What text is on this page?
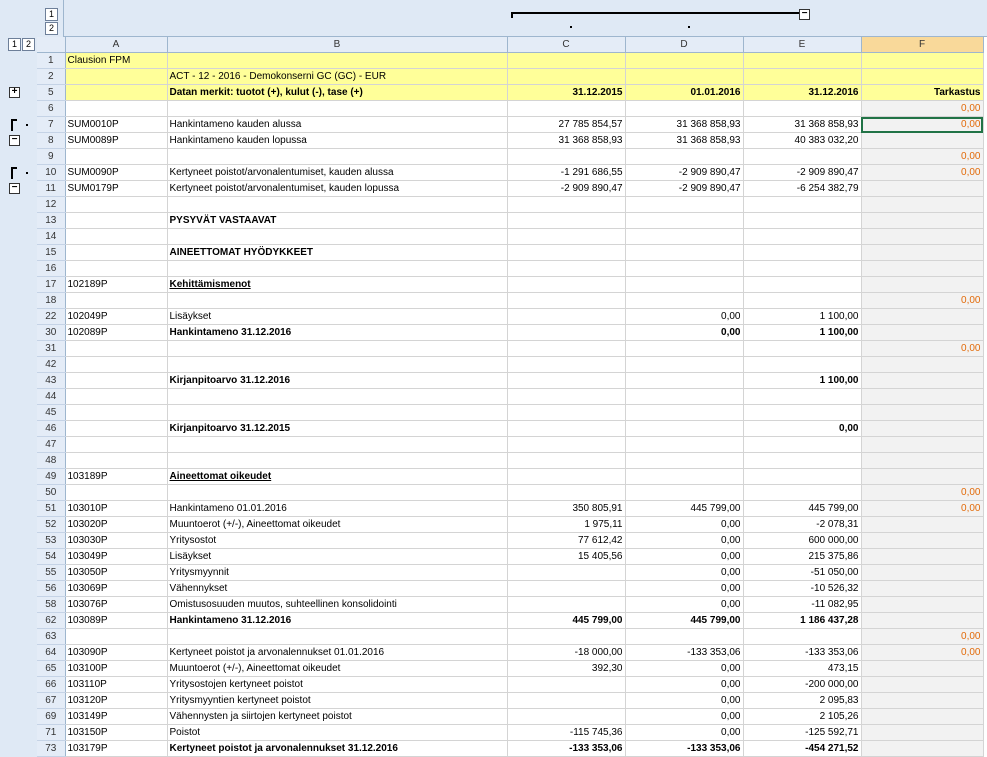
1
2
1 2
−
+
−
−
	A	B	C	D	E	F
1	Clausion FPM					
2		ACT - 12 - 2016 - Demokonserni GC (GC) - EUR				
5		Datan merkit: tuotot (+), kulut (-), tase (+)	31.12.2015	01.01.2016	31.12.2016	Tarkastus
6						0,00
7	SUM0010P	Hankintameno kauden alussa	27 785 854,57	31 368 858,93	31 368 858,93	0,00
8	SUM0089P	Hankintameno kauden lopussa	31 368 858,93	31 368 858,93	40 383 032,20	
9						0,00
10	SUM0090P	Kertyneet poistot/arvonalentumiset, kauden alussa	-1 291 686,55	-2 909 890,47	-2 909 890,47	0,00
11	SUM0179P	Kertyneet poistot/arvonalentumiset, kauden lopussa	-2 909 890,47	-2 909 890,47	-6 254 382,79	
12						
13		PYSYVÄT VASTAAVAT				
14						
15		AINEETTOMAT HYÖDYKKEET				
16						
17	102189P	Kehittämismenot				
18						0,00
22	102049P	Lisäykset		0,00	1 100,00	
30	102089P	Hankintameno 31.12.2016		0,00	1 100,00	
31						0,00
42						
43		Kirjanpitoarvo 31.12.2016			1 100,00	
44						
45						
46		Kirjanpitoarvo 31.12.2015			0,00	
47						
48						
49	103189P	Aineettomat oikeudet				
50						0,00
51	103010P	Hankintameno 01.01.2016	350 805,91	445 799,00	445 799,00	0,00
52	103020P	Muuntoerot (+/-), Aineettomat oikeudet	1 975,11	0,00	-2 078,31	
53	103030P	Yritysostot	77 612,42	0,00	600 000,00	
54	103049P	Lisäykset	15 405,56	0,00	215 375,86	
55	103050P	Yritysmyynnit		0,00	-51 050,00	
56	103069P	Vähennykset		0,00	-10 526,32	
58	103076P	Omistusosuuden muutos, suhteellinen konsolidointi		0,00	-11 082,95	
62	103089P	Hankintameno 31.12.2016	445 799,00	445 799,00	1 186 437,28	
63						0,00
64	103090P	Kertyneet poistot ja arvonalennukset 01.01.2016	-18 000,00	-133 353,06	-133 353,06	0,00
65	103100P	Muuntoerot (+/-), Aineettomat oikeudet	392,30	0,00	473,15	
66	103110P	Yritysostojen kertyneet poistot		0,00	-200 000,00	
67	103120P	Yritysmyyntien kertyneet poistot		0,00	2 095,83	
69	103149P	Vähennysten ja siirtojen kertyneet poistot		0,00	2 105,26	
71	103150P	Poistot	-115 745,36	0,00	-125 592,71	
73	103179P	Kertyneet poistot ja arvonalennukset 31.12.2016	-133 353,06	-133 353,06	-454 271,52	
